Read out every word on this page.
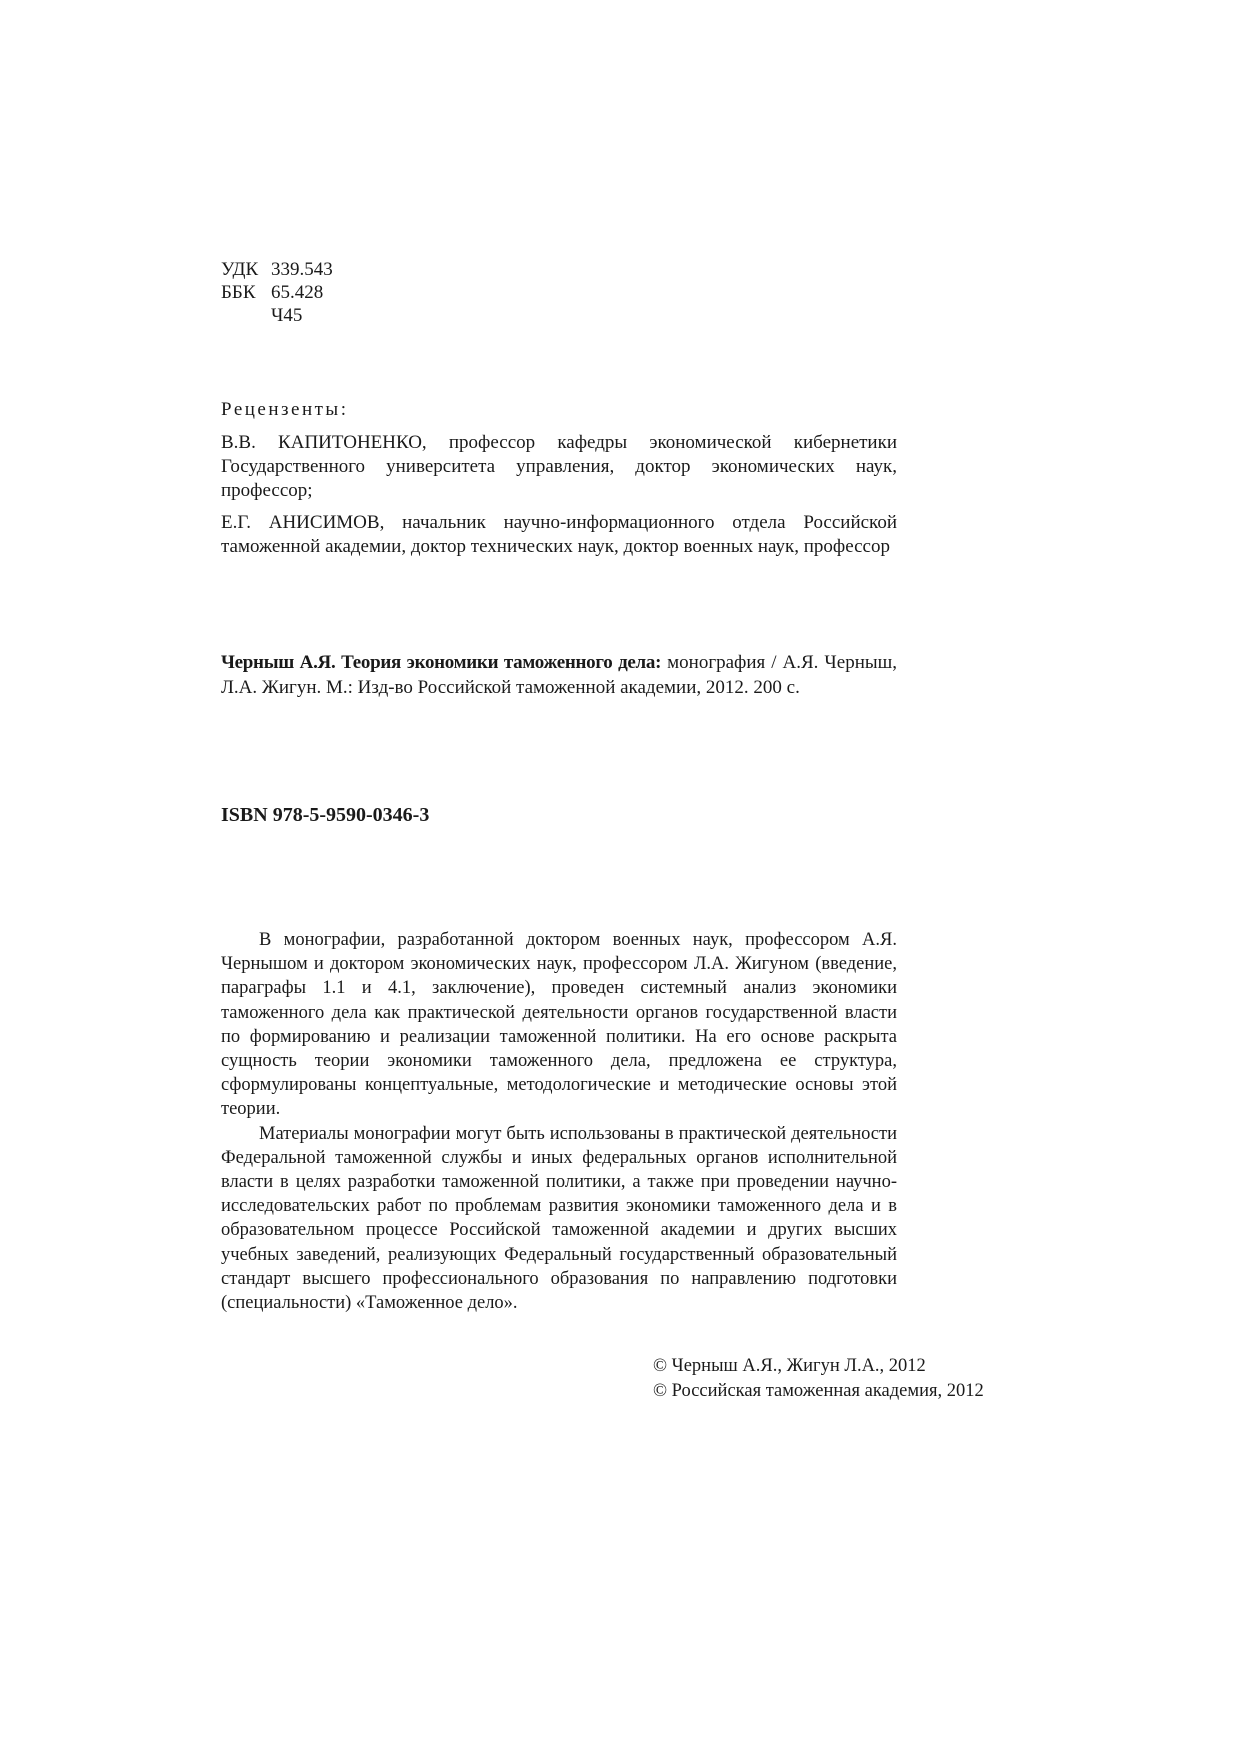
УДК 339.543
ББК 65.428
Ч45
Рецензенты:
В.В. КАПИТОНЕНКО, профессор кафедры экономической кибернетики Государственного университета управления, доктор экономических наук, профессор;
Е.Г. АНИСИМОВ, начальник научно-информационного отдела Российской таможенной академии, доктор технических наук, доктор военных наук, профессор
Черныш А.Я. Теория экономики таможенного дела: монография / А.Я. Черныш, Л.А. Жигун. М.: Изд-во Российской таможенной академии, 2012. 200 с.
ISBN 978-5-9590-0346-3

В монографии, разработанной доктором военных наук, профессором А.Я. Чернышом и доктором экономических наук, профессором Л.А. Жигуном (введение, параграфы 1.1 и 4.1, заключение), проведен системный анализ экономики таможенного дела как практической деятельности органов государственной власти по формированию и реализации таможенной политики. На его основе раскрыта сущность теории экономики таможенного дела, предложена ее структура, сформулированы концептуальные, методологические и методические основы этой теории.

Материалы монографии могут быть использованы в практической деятельности Федеральной таможенной службы и иных федеральных органов исполнительной власти в целях разработки таможенной политики, а также при проведении научно-исследовательских работ по проблемам развития экономики таможенного дела и в образовательном процессе Российской таможенной академии и других высших учебных заведений, реализующих Федеральный государственный образовательный стандарт высшего профессионального образования по направлению подготовки (специальности) «Таможенное дело».

© Черныш А.Я., Жигун Л.А., 2012
© Российская таможенная академия, 2012
